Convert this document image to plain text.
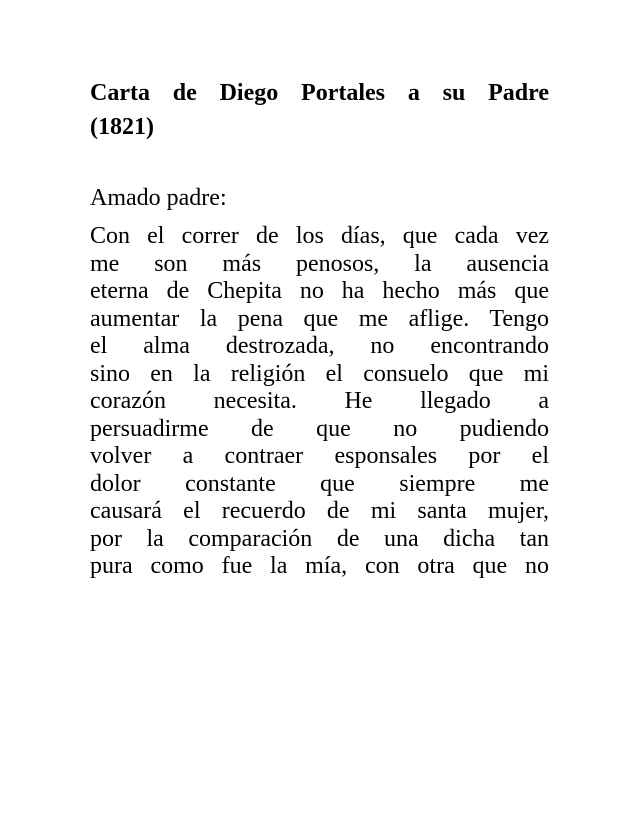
Carta de Diego Portales a su Padre
(1821)

Amado padre:

Con el correr de los días, que cada vez
me son más penosos, la ausencia
eterna de Chepita no ha hecho más que
aumentar la pena que me aflige. Tengo
el alma destrozada, no encontrando
sino en la religión el consuelo que mi
corazón necesita. He llegado a
persuadirme de que no pudiendo
volver a contraer esponsales por el
dolor constante que siempre me
causará el recuerdo de mi santa mujer,
por la comparación de una dicha tan
pura como fue la mía, con otra que no
